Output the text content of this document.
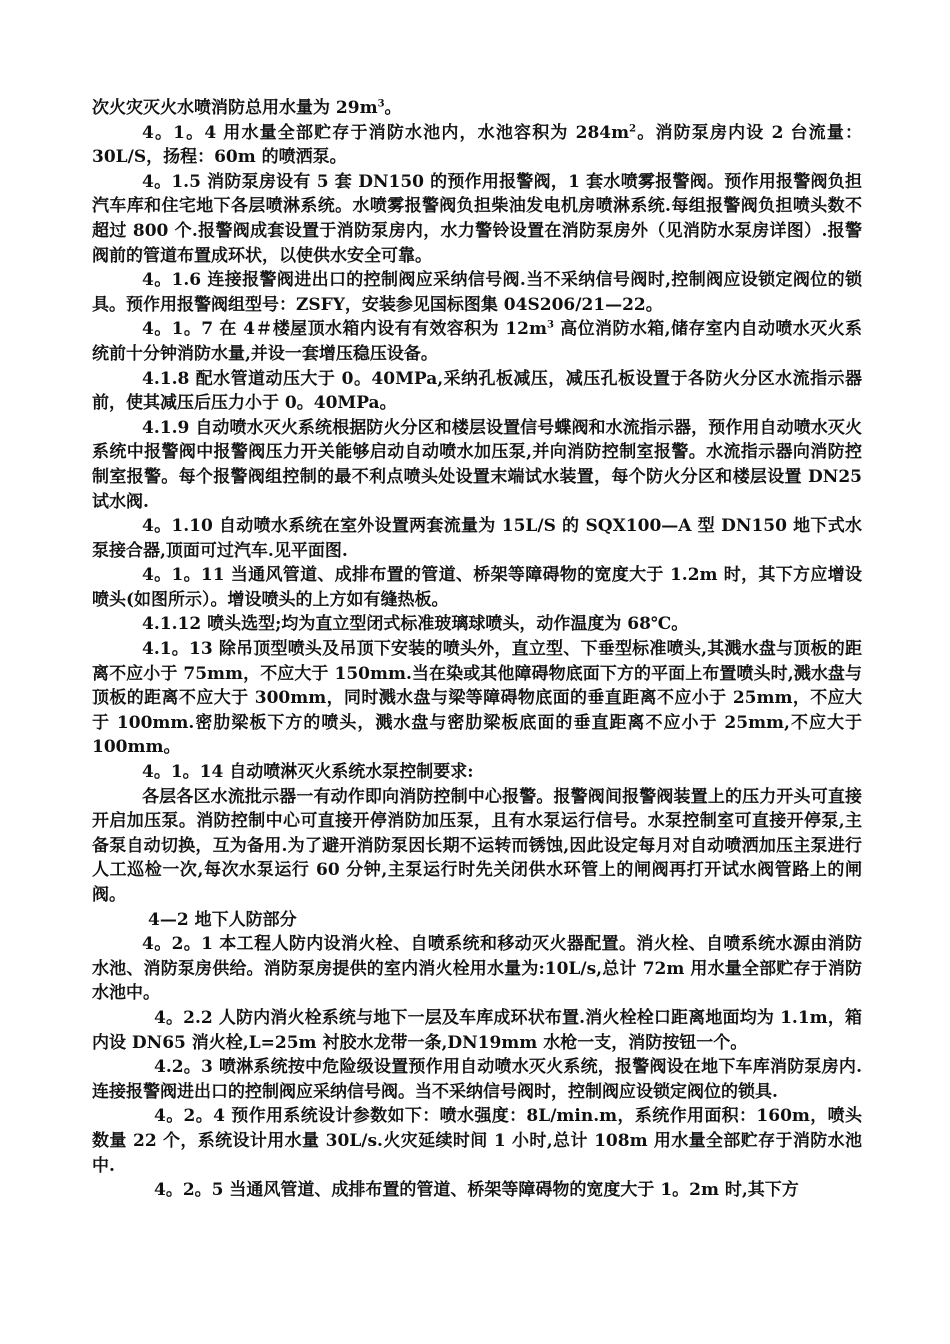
次火灾灭火水喷消防总用水量为 $29m^3$。

4。1。4 用水量全部贮存于消防水池内，水池容积为 $284m^2$。消防泵房内设 2 台流量：30L/S，扬程：60m 的喷洒泵。

4。1.5 消防泵房设有 5 套 DN150 的预作用报警阀，1 套水喷雾报警阀。预作用报警阀负担汽车库和住宅地下各层喷淋系统。水喷雾报警阀负担柴油发电机房喷淋系统.每组报警阀负担喷头数不超过 800 个.报警阀成套设置于消防泵房内，水力警铃设置在消防泵房外（见消防水泵房详图）.报警阀前的管道布置成环状，以使供水安全可靠。

4。1.6 连接报警阀进出口的控制阀应采纳信号阀.当不采纳信号阀时,控制阀应设锁定阀位的锁具。预作用报警阀组型号：ZSFY，安装参见国标图集 04S206/21—22。

4。1。7 在 4＃楼屋顶水箱内设有有效容积为 $12m^3$ 高位消防水箱,储存室内自动喷水灭火系统前十分钟消防水量,并设一套增压稳压设备。

4.1.8 配水管道动压大于 0。40MPa,采纳孔板减压，减压孔板设置于各防火分区水流指示器前，使其减压后压力小于 0。40MPa。

4.1.9 自动喷水灭火系统根据防火分区和楼层设置信号蝶阀和水流指示器，预作用自动喷水灭火系统中报警阀中报警阀压力开关能够启动自动喷水加压泵,并向消防控制室报警。水流指示器向消防控制室报警。每个报警阀组控制的最不利点喷头处设置末端试水装置，每个防火分区和楼层设置 DN25 试水阀.

4。1.10 自动喷水系统在室外设置两套流量为 15L/S 的 SQX100—A 型 DN150 地下式水泵接合器,顶面可过汽车.见平面图.

4。1。11 当通风管道、成排布置的管道、桥架等障碍物的宽度大于 1.2m 时，其下方应增设喷头(如图所示）。增设喷头的上方如有缝热板。

4.1.12 喷头选型;均为直立型闭式标准玻璃球喷头，动作温度为 68℃。

4.1。13 除吊顶型喷头及吊顶下安装的喷头外，直立型、下垂型标准喷头,其溅水盘与顶板的距离不应小于 75mm，不应大于 150mm.当在染或其他障碍物底面下方的平面上布置喷头时,溅水盘与顶板的距离不应大于 300mm，同时溅水盘与梁等障碍物底面的垂直距离不应小于 25mm，不应大于 100mm.密肋梁板下方的喷头，溅水盘与密肋梁板底面的垂直距离不应小于 25mm,不应大于 100mm。

4。1。14 自动喷淋灭火系统水泵控制要求:

各层各区水流批示器一有动作即向消防控制中心报警。报警阀间报警阀装置上的压力开头可直接开启加压泵。消防控制中心可直接开停消防加压泵，且有水泵运行信号。水泵控制室可直接开停泵,主备泵自动切换，互为备用.为了避开消防泵因长期不运转而锈蚀,因此设定每月对自动喷洒加压主泵进行人工巡检一次,每次水泵运行 60 分钟,主泵运行时先关闭供水环管上的闸阀再打开试水阀管路上的闸阀。

4—2 地下人防部分

4。2。1 本工程人防内设消火栓、自喷系统和移动灭火器配置。消火栓、自喷系统水源由消防水池、消防泵房供给。消防泵房提供的室内消火栓用水量为:10L/s,总计 72m 用水量全部贮存于消防水池中。

4。2.2 人防内消火栓系统与地下一层及车库成环状布置.消火栓栓口距离地面均为 1.1m，箱内设 DN65 消火栓,L=25m 衬胶水龙带一条,DN19mm 水枪一支，消防按钮一个。

4.2。3 喷淋系统按中危险级设置预作用自动喷水灭火系统，报警阀设在地下车库消防泵房内.连接报警阀进出口的控制阀应采纳信号阀。当不采纳信号阀时，控制阀应设锁定阀位的锁具.

4。2。4 预作用系统设计参数如下：喷水强度：8L/min.m，系统作用面积：160m，喷头数量 22 个，系统设计用水量 30L/s.火灾延续时间 1 小时,总计 108m 用水量全部贮存于消防水池中.

4。2。5 当通风管道、成排布置的管道、桥架等障碍物的宽度大于 1。2m 时,其下方
